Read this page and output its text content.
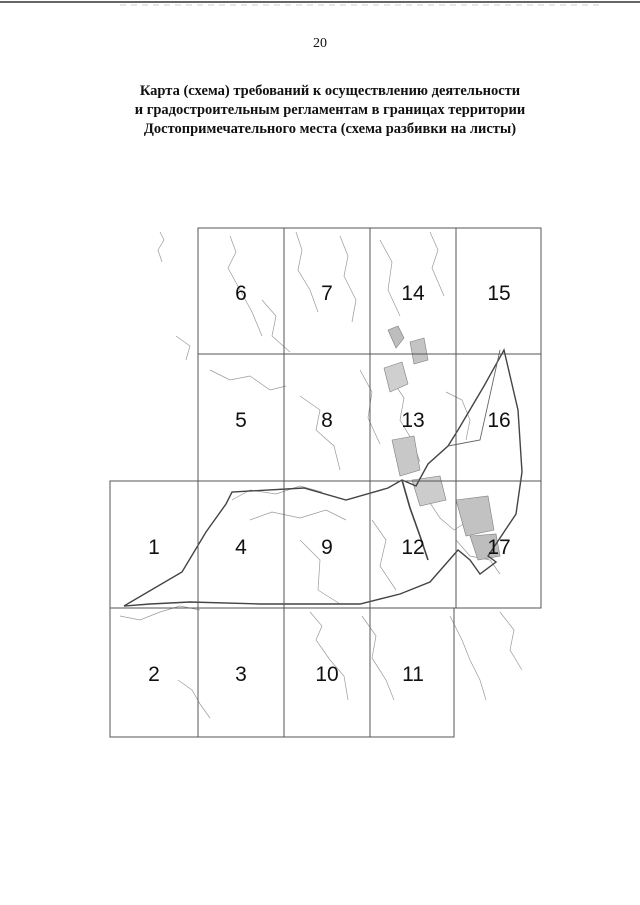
20
Карта (схема) требований к осуществлению деятельности
и градостроительным регламентам в границах территории
Достопримечательного места (схема разбивки на листы)
1
2	3
4
5
6	7
8
9
10	11
12
13
14	15
16
17
